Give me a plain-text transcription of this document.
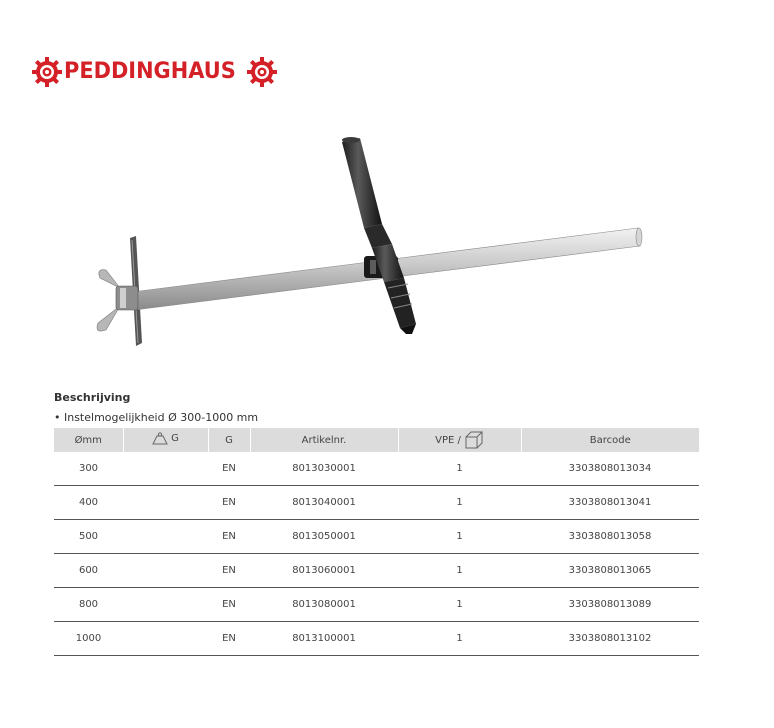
PEDDINGHAUS
Beschrijving
• Instelmogelijkheid Ø 300-1000 mm
Ømm	G	G	Artikelnr.	VPE /	Barcode
300		EN	8013030001	1	3303808013034
400		EN	8013040001	1	3303808013041
500		EN	8013050001	1	3303808013058
600		EN	8013060001	1	3303808013065
800		EN	8013080001	1	3303808013089
1000		EN	8013100001	1	3303808013102
